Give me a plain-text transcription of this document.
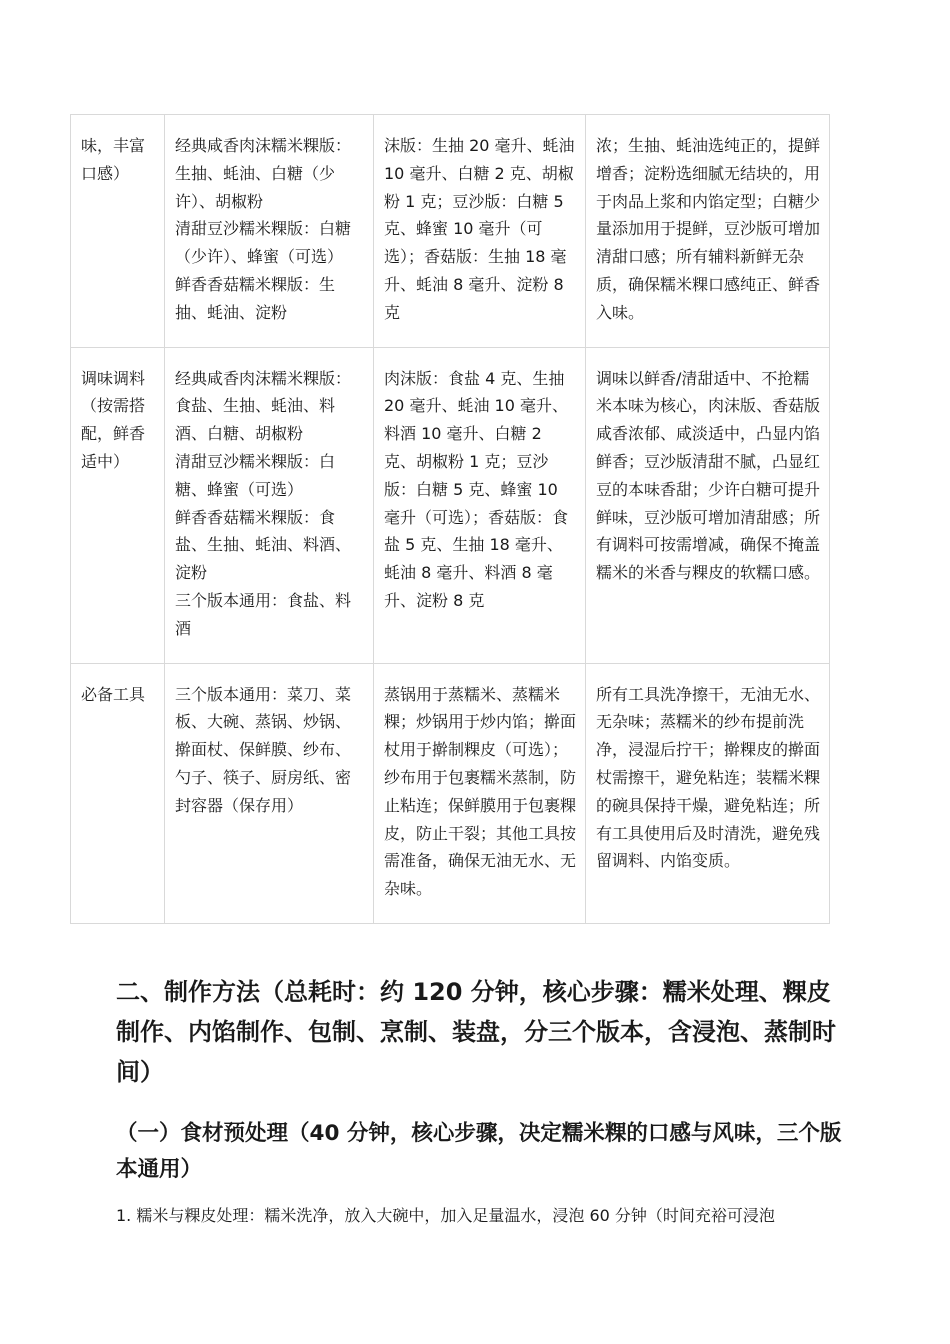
味，丰富口感）	经典咸香肉沫糯米粿版：生抽、蚝油、白糖（少许）、胡椒粉
清甜豆沙糯米粿版：白糖（少许）、蜂蜜（可选）
鲜香香菇糯米粿版：生抽、蚝油、淀粉	沫版：生抽 20 毫升、蚝油 10 毫升、白糖 2 克、胡椒粉 1 克；豆沙版：白糖 5 克、蜂蜜 10 毫升（可选）；香菇版：生抽 18 毫升、蚝油 8 毫升、淀粉 8 克	浓；生抽、蚝油选纯正的，提鲜增香；淀粉选细腻无结块的，用于肉品上浆和内馅定型；白糖少量添加用于提鲜，豆沙版可增加清甜口感；所有辅料新鲜无杂质，确保糯米粿口感纯正、鲜香入味。
调味调料（按需搭配，鲜香适中）	经典咸香肉沫糯米粿版：食盐、生抽、蚝油、料酒、白糖、胡椒粉
清甜豆沙糯米粿版：白糖、蜂蜜（可选）
鲜香香菇糯米粿版：食盐、生抽、蚝油、料酒、淀粉
三个版本通用：食盐、料酒	肉沫版：食盐 4 克、生抽 20 毫升、蚝油 10 毫升、料酒 10 毫升、白糖 2 克、胡椒粉 1 克；豆沙版：白糖 5 克、蜂蜜 10 毫升（可选）；香菇版：食盐 5 克、生抽 18 毫升、蚝油 8 毫升、料酒 8 毫升、淀粉 8 克	调味以鲜香/清甜适中、不抢糯米本味为核心，肉沫版、香菇版咸香浓郁、咸淡适中，凸显内馅鲜香；豆沙版清甜不腻，凸显红豆的本味香甜；少许白糖可提升鲜味，豆沙版可增加清甜感；所有调料可按需增减，确保不掩盖糯米的米香与粿皮的软糯口感。
必备工具	三个版本通用：菜刀、菜板、大碗、蒸锅、炒锅、擀面杖、保鲜膜、纱布、勺子、筷子、厨房纸、密封容器（保存用）	蒸锅用于蒸糯米、蒸糯米粿；炒锅用于炒内馅；擀面杖用于擀制粿皮（可选）；纱布用于包裹糯米蒸制，防止粘连；保鲜膜用于包裹粿皮，防止干裂；其他工具按需准备，确保无油无水、无杂味。	所有工具洗净擦干，无油无水、无杂味；蒸糯米的纱布提前洗净，浸湿后拧干；擀粿皮的擀面杖需擦干，避免粘连；装糯米粿的碗具保持干燥，避免粘连；所有工具使用后及时清洗，避免残留调料、内馅变质。
二、制作方法（总耗时：约 120 分钟，核心步骤：糯米处理、粿皮制作、内馅制作、包制、烹制、装盘，分三个版本，含浸泡、蒸制时间）
（一）食材预处理（40 分钟，核心步骤，决定糯米粿的口感与风味，三个版本通用）

1. 糯米与粿皮处理：糯米洗净，放入大碗中，加入足量温水，浸泡 60 分钟（时间充裕可浸泡
